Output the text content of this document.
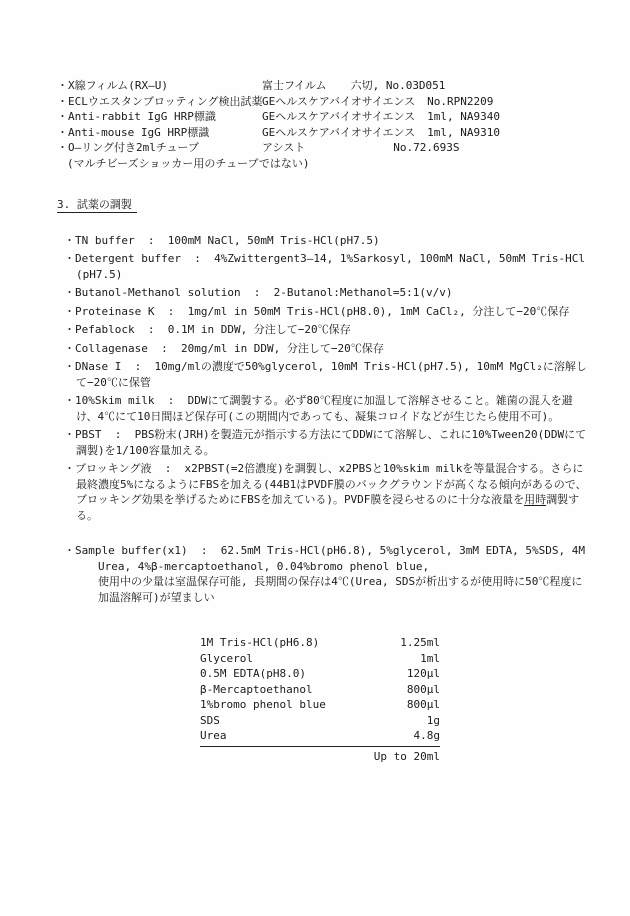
・X線フィルム(RX—U)	富士フイルム 六切, No.03D051
・ECLウエスタンブロッティング検出試薬 GEヘルスケアバイオサイエンス No.RPN2209
・Anti-rabbit IgG HRP標識	GEヘルスケアバイオサイエンス 1ml, NA9340
・Anti-mouse IgG HRP標識	GEヘルスケアバイオサイエンス 1ml, NA9310
・O—リング付き2mlチューブ	アシスト	No.72.693S
(マルチビーズショッカー用のチューブではない)
3. 試薬の調製
・TN buffer  :  100mM NaCl, 50mM Tris-HCl(pH7.5)
・Detergent buffer  :  4%Zwittergent3—14, 1%Sarkosyl, 100mM NaCl, 50mM Tris-HCl (pH7.5)
・Butanol-Methanol solution  :  2-Butanol:Methanol=5:1(v/v)
・Proteinase K  :  1mg/ml in 50mM Tris-HCl(pH8.0), 1mM CaCl₂, 分注して−20℃保存
・Pefablock  :  0.1M in DDW, 分注して−20℃保存
・Collagenase  :  20mg/ml in DDW, 分注して−20℃保存
・DNase I  :  10mg/mlの濃度で50%glycerol, 10mM Tris-HCl(pH7.5), 10mM MgCl₂に溶解して−20℃に保管
・10%Skim milk  :  DDWにて調製する。必ず80℃程度に加温して溶解させること。雑菌の混入を避け、4℃にて10日間ほど保存可(この期間内であっても、凝集コロイドなどが生じたら使用不可)。
・PBST  :  PBS粉末(JRH)を製造元が指示する方法にてDDWにて溶解し、これに10%Tween20(DDWにて調製)を1/100容量加える。
・ブロッキング液  :  x2PBST(=2倍濃度)を調製し、x2PBSと10%skim milkを等量混合する。さらに最終濃度5%になるようにFBSを加える(44B1はPVDF膜のバックグラウンドが高くなる傾向があるので、ブロッキング効果を挙げるためにFBSを加えている)。PVDF膜を浸らせるのに十分な液量を用時調製する。
・Sample buffer(x1)  :  62.5mM Tris-HCl(pH6.8), 5%glycerol, 3mM EDTA, 5%SDS, 4M Urea, 4%β-mercaptoethanol, 0.04%bromo phenol blue,
使用中の少量は室温保存可能, 長期間の保存は4℃(Urea, SDSが析出するが使用時に50℃程度に加温溶解可)が望ましい
1M Tris-HCl(pH6.8)	1.25ml
Glycerol	1ml
0.5M EDTA(pH8.0)	120μl
β-Mercaptoethanol	800μl
1%bromo phenol blue	800μl
SDS	1g
Urea	4.8g
Up to 20ml
